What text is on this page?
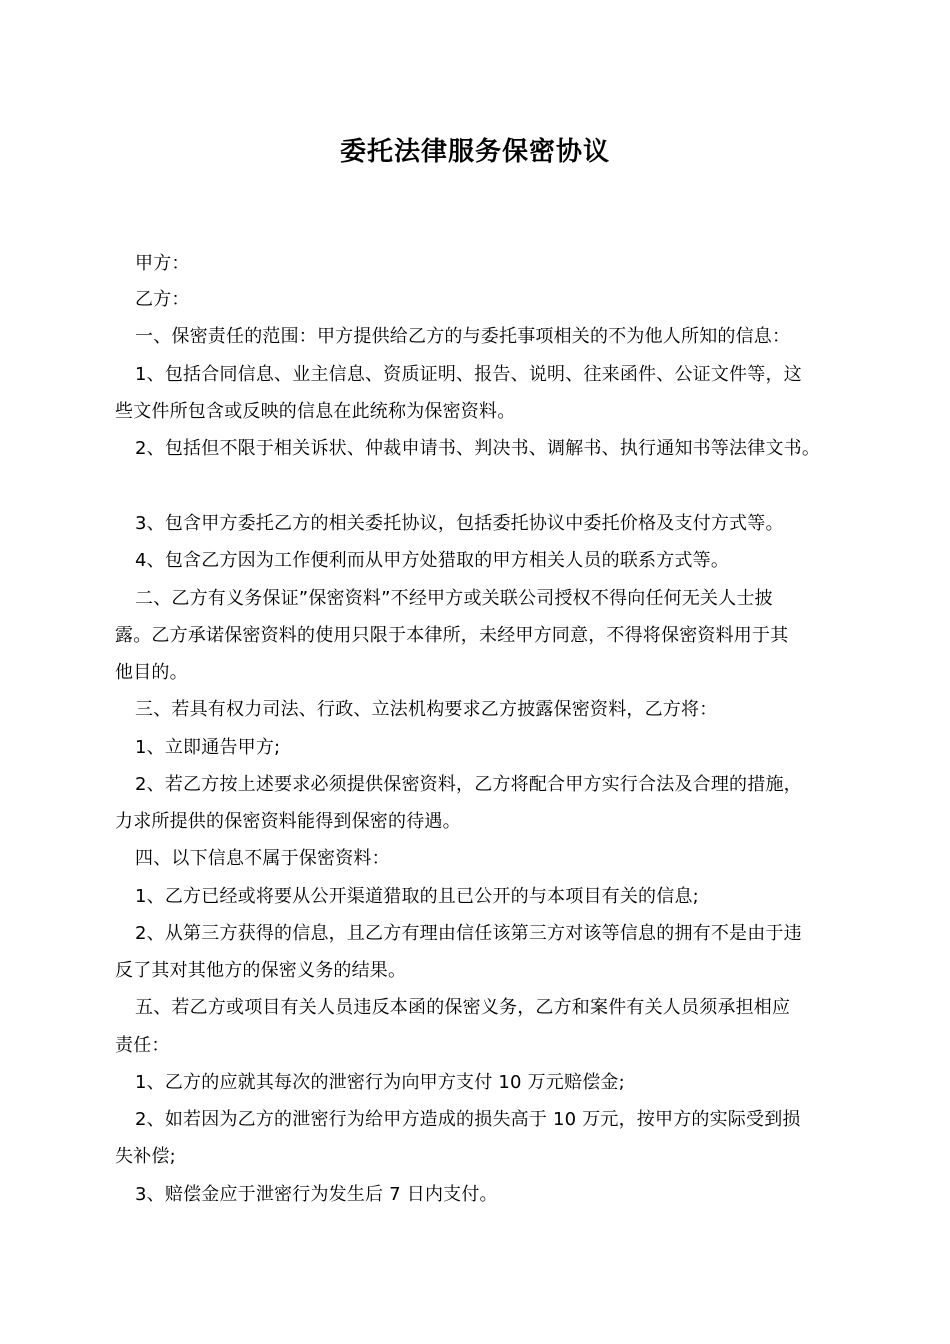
委托法律服务保密协议
甲方：
乙方：
一、保密责任的范围：甲方提供给乙方的与委托事项相关的不为他人所知的信息：
1、包括合同信息、业主信息、资质证明、报告、说明、往来函件、公证文件等，这
些文件所包含或反映的信息在此统称为保密资料。
2、包括但不限于相关诉状、仲裁申请书、判决书、调解书、执行通知书等法律文书。
3、包含甲方委托乙方的相关委托协议，包括委托协议中委托价格及支付方式等。
4、包含乙方因为工作便利而从甲方处猎取的甲方相关人员的联系方式等。
二、乙方有义务保证”保密资料”不经甲方或关联公司授权不得向任何无关人士披
露。乙方承诺保密资料的使用只限于本律所，未经甲方同意，不得将保密资料用于其
他目的。
三、若具有权力司法、行政、立法机构要求乙方披露保密资料，乙方将：
1、立即通告甲方;
2、若乙方按上述要求必须提供保密资料，乙方将配合甲方实行合法及合理的措施，
力求所提供的保密资料能得到保密的待遇。
四、以下信息不属于保密资料：
1、乙方已经或将要从公开渠道猎取的且已公开的与本项目有关的信息;
2、从第三方获得的信息，且乙方有理由信任该第三方对该等信息的拥有不是由于违
反了其对其他方的保密义务的结果。
五、若乙方或项目有关人员违反本函的保密义务，乙方和案件有关人员须承担相应
责任：
1、乙方的应就其每次的泄密行为向甲方支付 10 万元赔偿金;
2、如若因为乙方的泄密行为给甲方造成的损失高于 10 万元，按甲方的实际受到损
失补偿;
3、赔偿金应于泄密行为发生后 7 日内支付。
